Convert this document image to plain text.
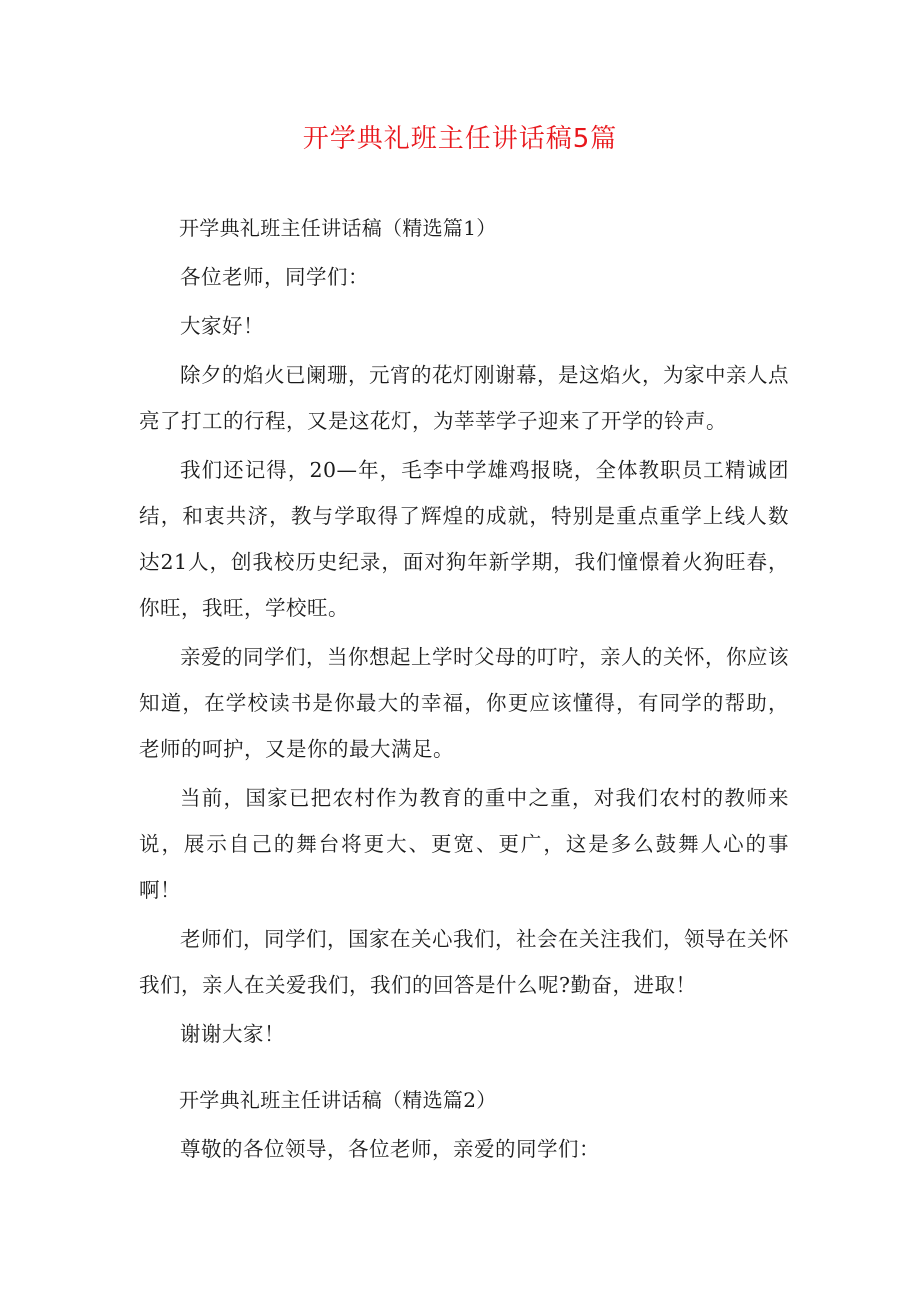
开学典礼班主任讲话稿5篇

开学典礼班主任讲话稿（精选篇1）

各位老师，同学们：

大家好！

除夕的焰火已阑珊，元宵的花灯刚谢幕，是这焰火，为家中亲人点亮了打工的行程，又是这花灯，为莘莘学子迎来了开学的铃声。

我们还记得，20—年，毛李中学雄鸡报晓，全体教职员工精诚团结，和衷共济，教与学取得了辉煌的成就，特别是重点重学上线人数达21人，创我校历史纪录，面对狗年新学期，我们憧憬着火狗旺春，你旺，我旺，学校旺。

亲爱的同学们，当你想起上学时父母的叮咛，亲人的关怀，你应该知道，在学校读书是你最大的幸福，你更应该懂得，有同学的帮助，老师的呵护，又是你的最大满足。

当前，国家已把农村作为教育的重中之重，对我们农村的教师来说，展示自己的舞台将更大、更宽、更广，这是多么鼓舞人心的事啊！

老师们，同学们，国家在关心我们，社会在关注我们，领导在关怀我们，亲人在关爱我们，我们的回答是什么呢?勤奋，进取！

谢谢大家！

开学典礼班主任讲话稿（精选篇2）

尊敬的各位领导，各位老师，亲爱的同学们：
